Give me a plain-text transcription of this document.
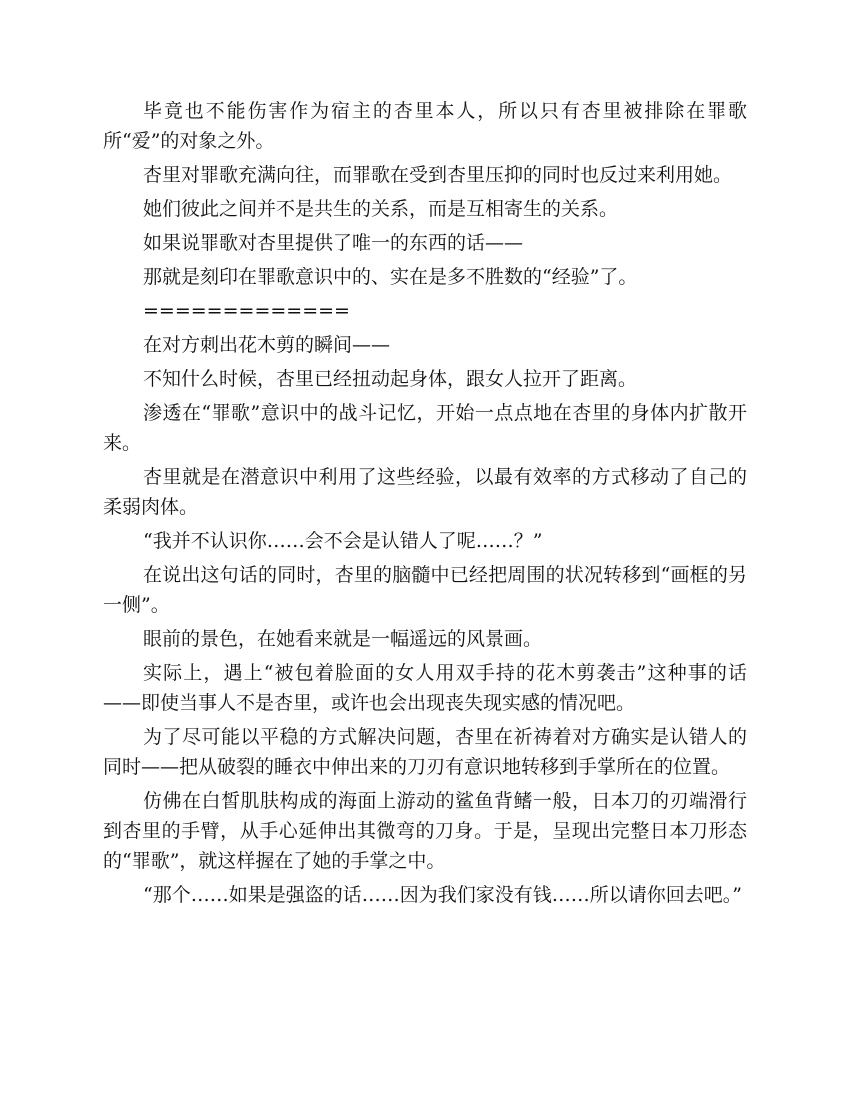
毕竟也不能伤害作为宿主的杏里本人，所以只有杏里被排除在罪歌所“爱”的对象之外。

杏里对罪歌充满向往，而罪歌在受到杏里压抑的同时也反过来利用她。

她们彼此之间并不是共生的关系，而是互相寄生的关系。

如果说罪歌对杏里提供了唯一的东西的话——

那就是刻印在罪歌意识中的、实在是多不胜数的“经验”了。

=============

在对方刺出花木剪的瞬间——

不知什么时候，杏里已经扭动起身体，跟女人拉开了距离。

渗透在“罪歌”意识中的战斗记忆，开始一点点地在杏里的身体内扩散开来。

杏里就是在潜意识中利用了这些经验，以最有效率的方式移动了自己的柔弱肉体。

“我并不认识你……会不会是认错人了呢……？”

在说出这句话的同时，杏里的脑髓中已经把周围的状况转移到“画框的另一侧”。

眼前的景色，在她看来就是一幅遥远的风景画。

实际上，遇上“被包着脸面的女人用双手持的花木剪袭击”这种事的话——即使当事人不是杏里，或许也会出现丧失现实感的情况吧。

为了尽可能以平稳的方式解决问题，杏里在祈祷着对方确实是认错人的同时——把从破裂的睡衣中伸出来的刀刃有意识地转移到手掌所在的位置。

仿佛在白皙肌肤构成的海面上游动的鲨鱼背鳍一般，日本刀的刃端滑行到杏里的手臂，从手心延伸出其微弯的刀身。于是，呈现出完整日本刀形态的“罪歌”，就这样握在了她的手掌之中。

“那个……如果是强盗的话……因为我们家没有钱……所以请你回去吧。”
